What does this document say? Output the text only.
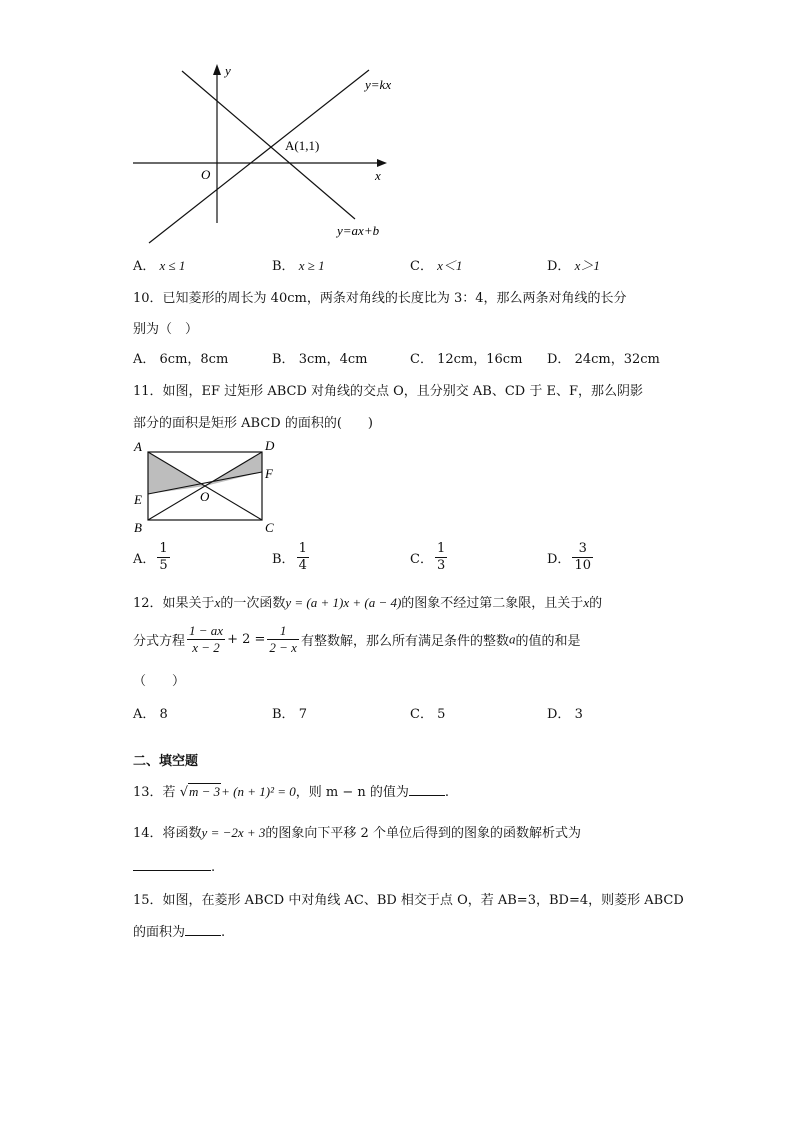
y
x
O
y=kx
y=ax+b
A(1,1)
A． x ≤ 1	B． x ≥ 1	C． x＜1	D． x＞1
10．已知菱形的周长为 40cm，两条对角线的长度比为 3：4，那么两条对角线的长分
别为（　）
A． 6cm，8cm	B． 3cm，4cm	C． 12cm，16cm D． 24cm，32cm
11．如图，EF 过矩形 ABCD 对角线的交点 O，且分别交 AB、CD 于 E、F，那么阴影
部分的面积是矩形 ABCD 的面积的(　　)
A	D
F
E	O
B	C
A． $\frac{1}{5}$	B． $\frac{1}{4}$	C． $\frac{1}{3}$	D． $\frac{3}{10}$
12．如果关于x的一次函数y = (a + 1)x + (a − 4)的图象不经过第二象限，且关于x的
分式方程 $\frac{1 - ax}{x - 2} + 2 = \frac{1}{2 - x}$ 有整数解，那么所有满足条件的整数a的值的和是
（　　）
A． 8	B． 7	C． 5	D． 3
二、填空题
13．若 √m − 3+ (n + 1)² = 0，则 m − n 的值为	.
14．将函数y = −2x + 3的图象向下平移 2 个单位后得到的图象的函数解析式为
.
15．如图，在菱形 ABCD 中对角线 AC、BD 相交于点 O，若 AB=3，BD=4，则菱形 ABCD
的面积为	.
